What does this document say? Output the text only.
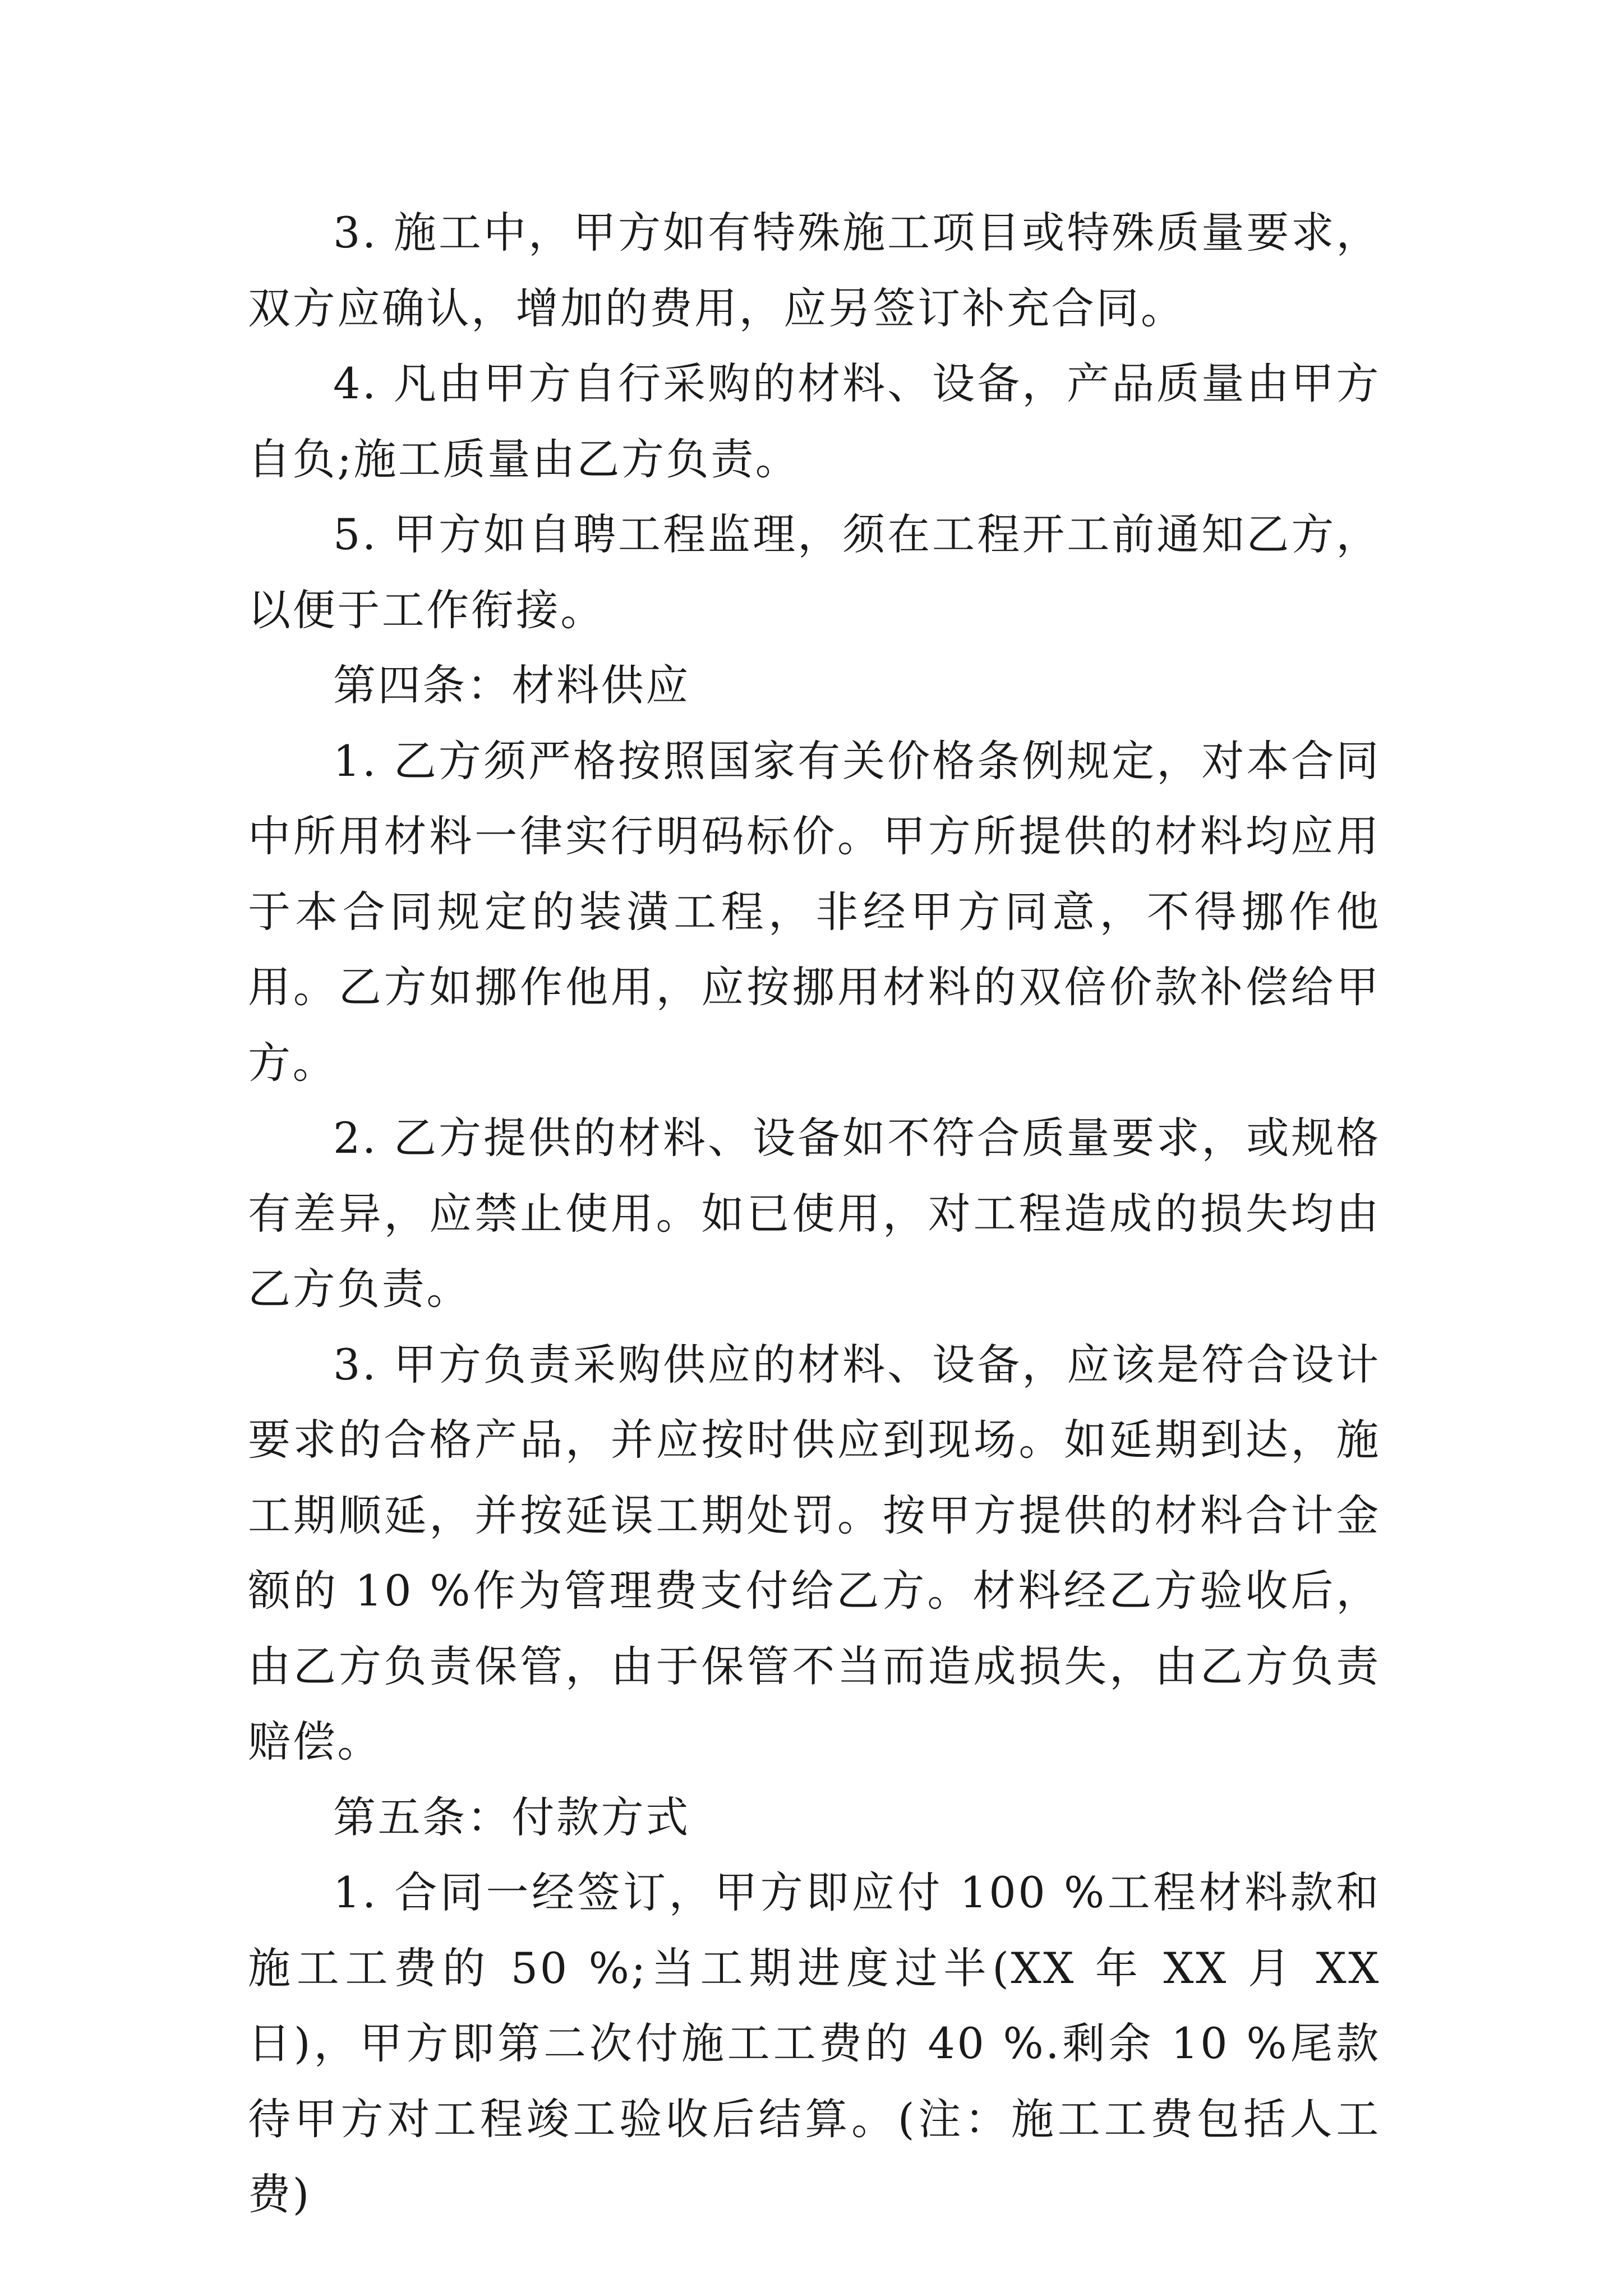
3. 施工中，甲方如有特殊施工项目或特殊质量要求，双方应确认，增加的费用，应另签订补充合同。

4. 凡由甲方自行采购的材料、设备，产品质量由甲方自负;施工质量由乙方负责。

5. 甲方如自聘工程监理，须在工程开工前通知乙方，以便于工作衔接。

第四条：材料供应

1. 乙方须严格按照国家有关价格条例规定，对本合同中所用材料一律实行明码标价。甲方所提供的材料均应用于本合同规定的装潢工程，非经甲方同意，不得挪作他用。乙方如挪作他用，应按挪用材料的双倍价款补偿给甲方。

2. 乙方提供的材料、设备如不符合质量要求，或规格有差异，应禁止使用。如已使用，对工程造成的损失均由乙方负责。

3. 甲方负责采购供应的材料、设备，应该是符合设计要求的合格产品，并应按时供应到现场。如延期到达，施工期顺延，并按延误工期处罚。按甲方提供的材料合计金额的 10 %作为管理费支付给乙方。材料经乙方验收后，由乙方负责保管，由于保管不当而造成损失，由乙方负责赔偿。

第五条：付款方式

1. 合同一经签订，甲方即应付 100 %工程材料款和施工工费的 50 %;当工期进度过半(XX 年 XX 月 XX 日)，甲方即第二次付施工工费的 40 %.剩余 10 %尾款待甲方对工程竣工验收后结算。(注：施工工费包括人工费)
